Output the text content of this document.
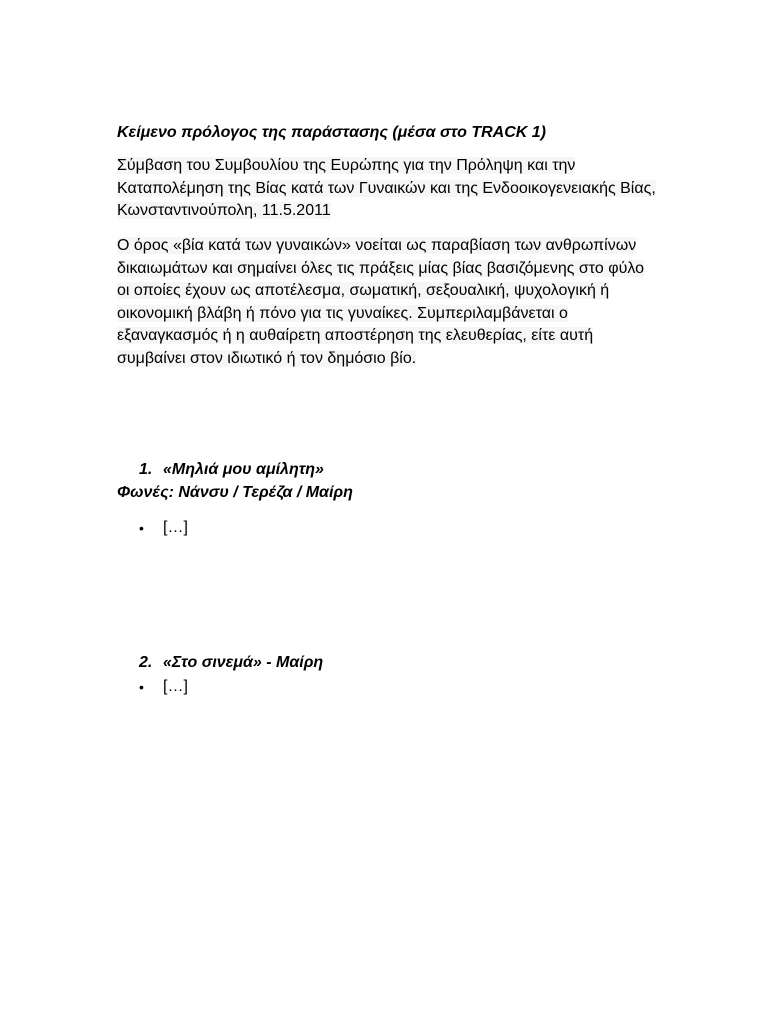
Κείμενο πρόλογος της παράστασης (μέσα στο TRACK 1)
Σύμβαση του Συμβουλίου της Ευρώπης για την Πρόληψη και την Καταπολέμηση της Βίας κατά των Γυναικών και της Ενδοοικογενειακής Βίας, Κωνσταντινούπολη, 11.5.2011
Ο όρος «βία κατά των γυναικών» νοείται ως παραβίαση των ανθρωπίνων δικαιωμάτων και σημαίνει όλες τις πράξεις μίας βίας βασιζόμενης στο φύλο οι οποίες έχουν ως αποτέλεσμα, σωματική, σεξουαλική, ψυχολογική ή οικονομική βλάβη ή πόνο για τις γυναίκες. Συμπεριλαμβάνεται ο εξαναγκασμός ή η αυθαίρετη αποστέρηση της ελευθερίας, είτε αυτή συμβαίνει στον ιδιωτικό ή τον δημόσιο βίο.
1. «Μηλιά μου αμίλητη»
Φωνές: Νάνσυ / Τερέζα / Μαίρη
•	[…]
2. «Στο σινεμά» - Μαίρη
•	[…]
